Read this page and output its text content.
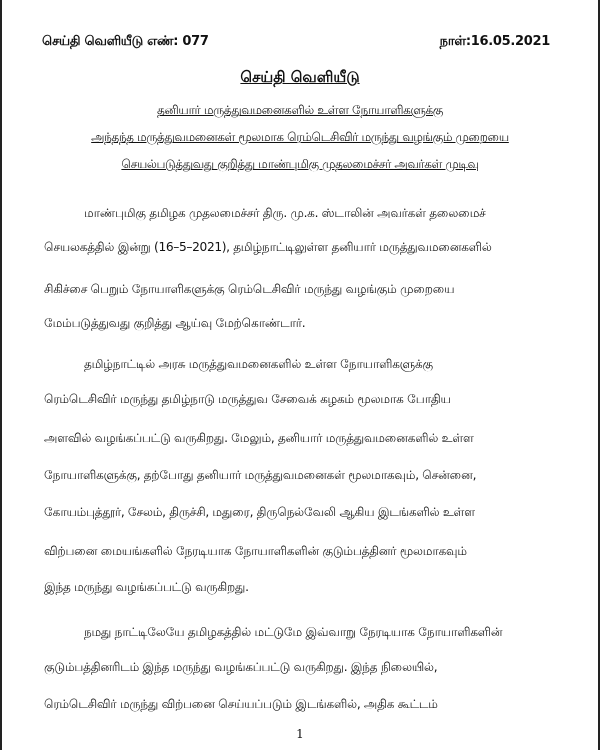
செய்தி வெளியீடு எண்: 077	நாள்:16.05.2021
செய்தி வெளியீடு
தனியார் மருத்துவமனைகளில் உள்ள நோயாளிகளுக்கு
அந்தந்த மருத்துவமனைகள் மூலமாக ரெம்டெசிவிர் மருந்து வழங்கும் முறையை
செயல்படுத்துவது குறித்து மாண்புமிகு முதலமைச்சர் அவர்கள் முடிவு
மாண்புமிகு தமிழக முதலமைச்சர் திரு. மு.க. ஸ்டாலின் அவர்கள் தலைமைச்
செயலகத்தில் இன்று (16–5–2021), தமிழ்நாட்டிலுள்ள தனியார் மருத்துவமனைகளில்
சிகிச்சை பெறும் நோயாளிகளுக்கு ரெம்டெசிவிர் மருந்து வழங்கும் முறையை
மேம்படுத்துவது குறித்து ஆய்வு மேற்கொண்டார்.
தமிழ்நாட்டில் அரசு மருத்துவமனைகளில் உள்ள நோயாளிகளுக்கு
ரெம்டெசிவிர் மருந்து தமிழ்நாடு மருத்துவ சேவைக் கழகம் மூலமாக போதிய
அளவில் வழங்கப்பட்டு வருகிறது. மேலும், தனியார் மருத்துவமனைகளில் உள்ள
நோயாளிகளுக்கு, தற்போது தனியார் மருத்துவமனைகள் மூலமாகவும், சென்னை,
கோயம்புத்தூர், சேலம், திருச்சி, மதுரை, திருநெல்வேலி ஆகிய இடங்களில் உள்ள
விற்பனை மையங்களில் நேரடியாக நோயாளிகளின் குடும்பத்தினர் மூலமாகவும்
இந்த மருந்து வழங்கப்பட்டு வருகிறது.
நமது நாட்டிலேயே தமிழகத்தில் மட்டுமே இவ்வாறு நேரடியாக நோயாளிகளின்
குடும்பத்தினரிடம் இந்த மருந்து வழங்கப்பட்டு வருகிறது. இந்த நிலையில்,
ரெம்டெசிவிர் மருந்து விற்பனை செய்யப்படும் இடங்களில், அதிக கூட்டம்
1
